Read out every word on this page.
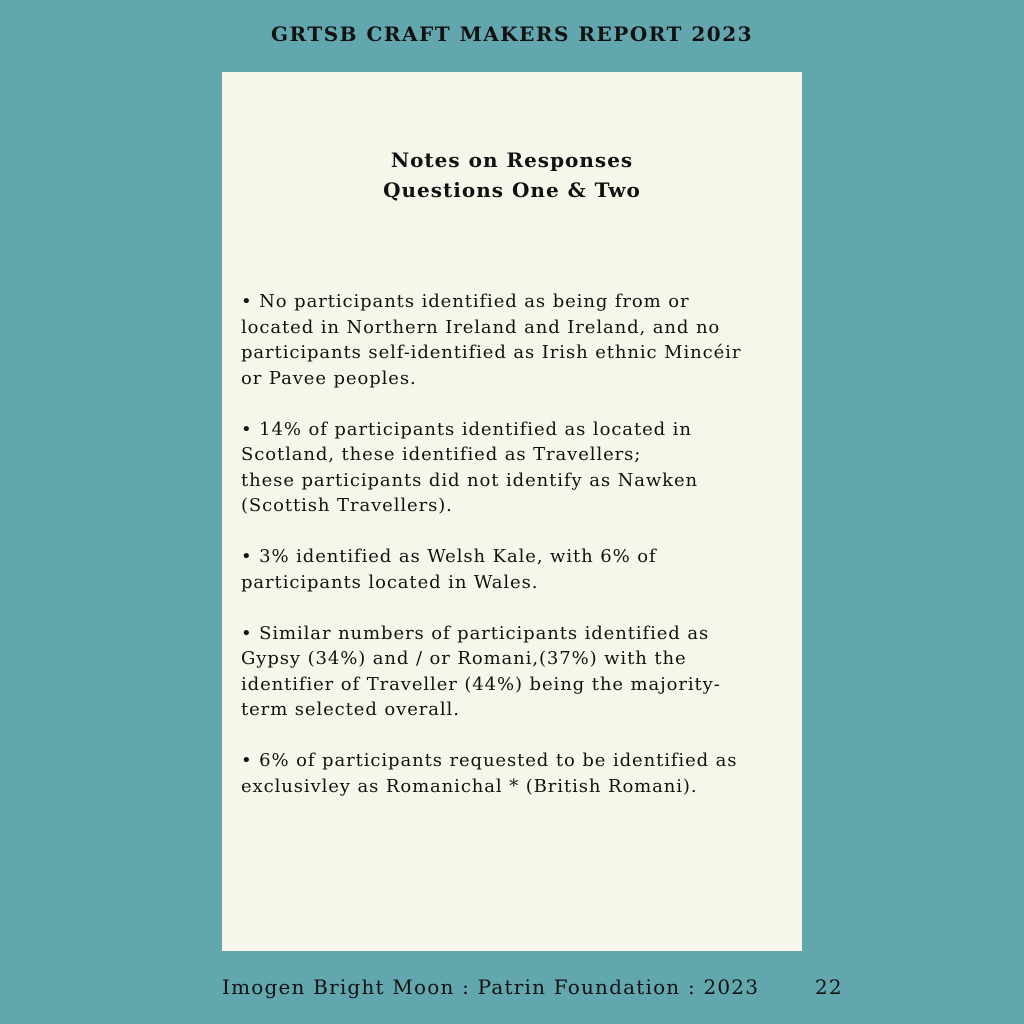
GRTSB CRAFT MAKERS REPORT 2023
Notes on Responses
Questions One & Two
• No participants identified as being from or
located in Northern Ireland and Ireland, and no
participants self-identified as Irish ethnic Mincéir
or Pavee peoples.
• 14% of participants identified as located in
Scotland, these identified as Travellers;
these participants did not identify as Nawken
(Scottish Travellers).
• 3% identified as Welsh Kale, with 6% of
participants located in Wales.
• Similar numbers of participants identified as
Gypsy (34%) and / or Romani,(37%) with the
identifier of Traveller (44%) being the majority-
term selected overall.
• 6% of participants requested to be identified as
exclusivley as Romanichal * (British Romani).
Imogen Bright Moon : Patrin Foundation : 2023	22
